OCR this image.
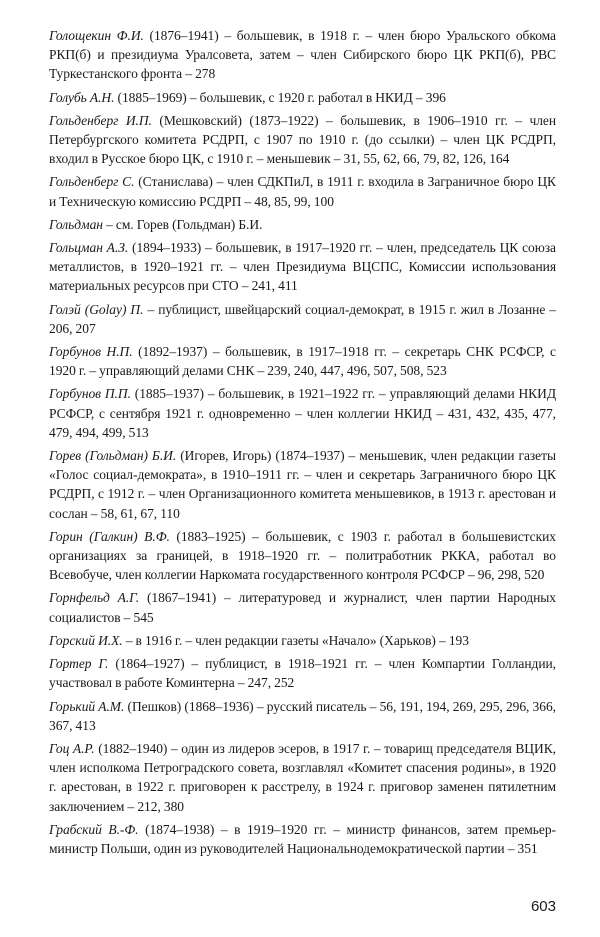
Голощекин Ф.И. (1876–1941) – большевик, в 1918 г. – член бюро Уральского обкома РКП(б) и президиума Уралсовета, затем – член Сибирского бюро ЦК РКП(б), РВС Туркестанского фронта – 278

Голубь А.Н. (1885–1969) – большевик, с 1920 г. работал в НКИД – 396

Гольденберг И.П. (Мешковский) (1873–1922) – большевик, в 1906–1910 гг. – член Петербургского комитета РСДРП, с 1907 по 1910 г. (до ссылки) – член ЦК РСДРП, входил в Русское бюро ЦК, с 1910 г. – меньшевик – 31, 55, 62, 66, 79, 82, 126, 164

Гольденберг С. (Станислава) – член СДКПиЛ, в 1911 г. входила в Заграничное бюро ЦК и Техническую комиссию РСДРП – 48, 85, 99, 100

Гольдман – см. Горев (Гольдман) Б.И.

Гольцман А.З. (1894–1933) – большевик, в 1917–1920 гг. – член, председатель ЦК союза металлистов, в 1920–1921 гг. – член Президиума ВЦСПС, Комиссии использования материальных ресурсов при СТО – 241, 411

Голэй (Golay) П. – публицист, швейцарский социал-демократ, в 1915 г. жил в Лозанне – 206, 207

Горбунов Н.П. (1892–1937) – большевик, в 1917–1918 гг. – секретарь СНК РСФСР, с 1920 г. – управляющий делами СНК – 239, 240, 447, 496, 507, 508, 523

Горбунов П.П. (1885–1937) – большевик, в 1921–1922 гг. – управляющий делами НКИД РСФСР, с сентября 1921 г. одновременно – член коллегии НКИД – 431, 432, 435, 477, 479, 494, 499, 513

Горев (Гольдман) Б.И. (Игорев, Игорь) (1874–1937) – меньшевик, член редакции газеты «Голос социал-демократа», в 1910–1911 гг. – член и секретарь Заграничного бюро ЦК РСДРП, с 1912 г. – член Организационного комитета меньшевиков, в 1913 г. арестован и сослан – 58, 61, 67, 110

Горин (Галкин) В.Ф. (1883–1925) – большевик, с 1903 г. работал в большевистских организациях за границей, в 1918–1920 гг. – политработник РККА, работал во Всевобуче, член коллегии Наркомата государственного контроля РСФСР – 96, 298, 520

Горнфельд А.Г. (1867–1941) – литературовед и журналист, член партии Народных социалистов – 545

Горский И.Х. – в 1916 г. – член редакции газеты «Начало» (Харьков) – 193

Гортер Г. (1864–1927) – публицист, в 1918–1921 гг. – член Компартии Голландии, участвовал в работе Коминтерна – 247, 252

Горький А.М. (Пешков) (1868–1936) – русский писатель – 56, 191, 194, 269, 295, 296, 366, 367, 413

Гоц А.Р. (1882–1940) – один из лидеров эсеров, в 1917 г. – товарищ председателя ВЦИК, член исполкома Петроградского совета, возглавлял «Комитет спасения родины», в 1920 г. арестован, в 1922 г. приговорен к расстрелу, в 1924 г. приговор заменен пятилетним заключением – 212, 380

Грабский В.-Ф. (1874–1938) – в 1919–1920 гг. – министр финансов, затем премьер-министр Польши, один из руководителей Национальнодемократической партии – 351

603
